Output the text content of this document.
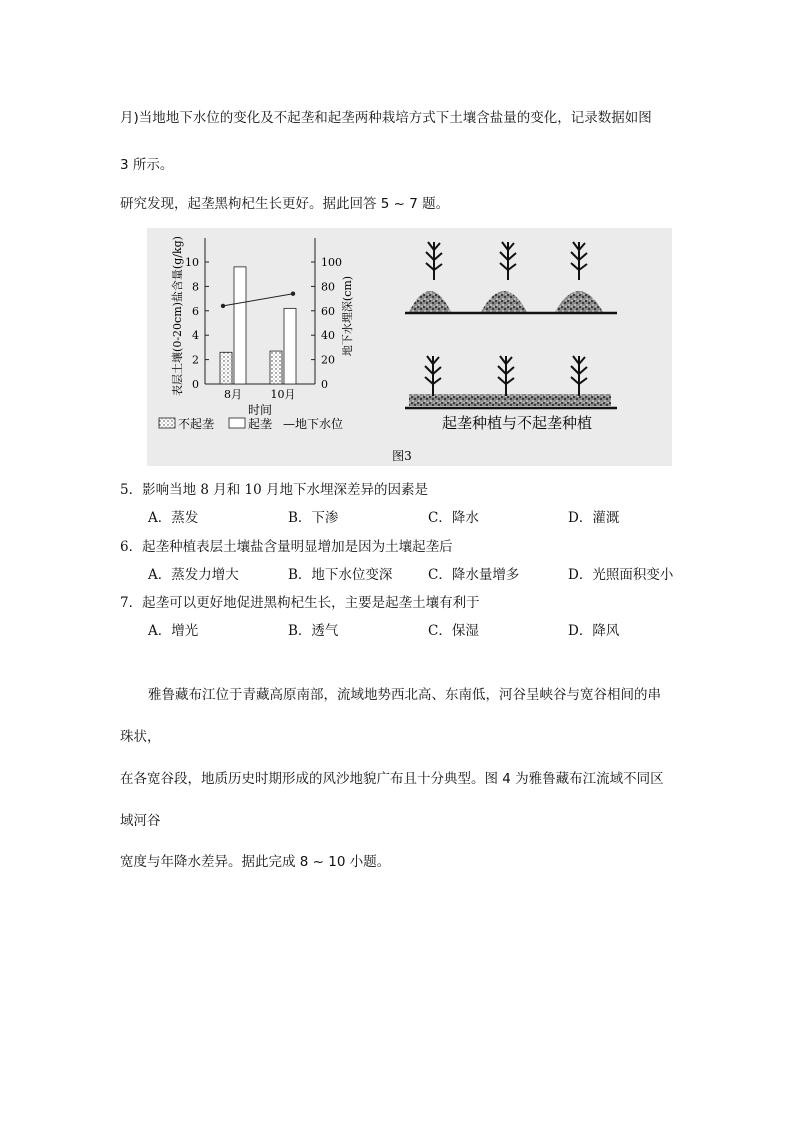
月)当地地下水位的变化及不起垄和起垄两种栽培方式下土壤含盐量的变化，记录数据如图
3 所示。
研究发现，起垄黑枸杞生长更好。据此回答 5 ~ 7 题。
表层土壤(0-20cm)盐含量(g/kg)	地下水埋深(cm)
0
2
4
6
8
10
0
20
40
60
80
100
8月	10月
时间
不起垄	起垄 —地下水位	起垄种植与不起垄种植
图3
5．影响当地 8 月和 10 月地下水埋深差异的因素是
A．蒸发	B．下渗	C．降水	D．灌溉
6．起垄种植表层土壤盐含量明显增加是因为土壤起垄后
A．蒸发力增大	B．地下水位变深	C．降水量增多	D．光照面积变小
7．起垄可以更好地促进黑枸杞生长，主要是起垄土壤有利于
A．增光	B．透气	C．保湿	D．降风
雅鲁藏布江位于青藏高原南部，流域地势西北高、东南低，河谷呈峡谷与宽谷相间的串
珠状，
在各宽谷段，地质历史时期形成的风沙地貌广布且十分典型。图 4 为雅鲁藏布江流域不同区
域河谷
宽度与年降水差异。据此完成 8 ~ 10 小题。
